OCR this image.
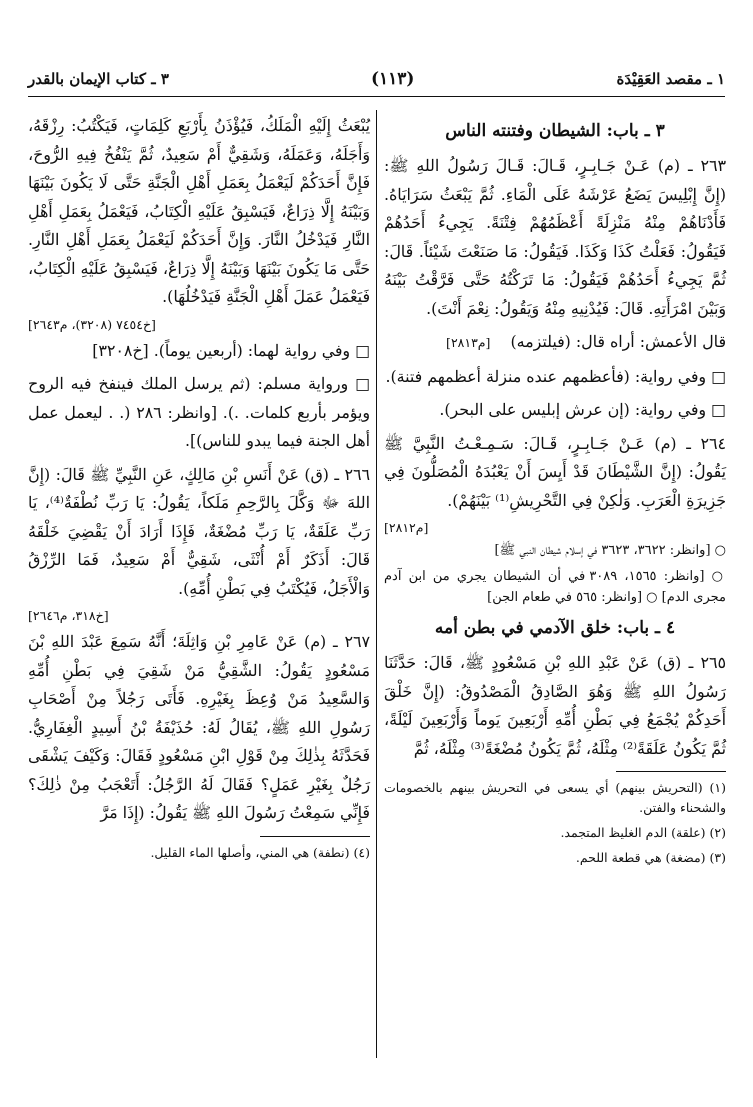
١ ـ مقصد العَقِيْدَة
(١١٣)
٣ ـ كتاب الإيمان بالقدر
٣ ـ باب: الشيطان وفتنته الناس

٢٦٣ ـ (م) عَـنْ جَـابِـرٍ، قَـالَ: قَـالَ رَسُولُ اللهِ ﷺ: (إِنَّ إِبْلِيسَ يَضَعُ عَرْشَهُ عَلَى الْمَاءِ. ثُمَّ يَبْعَثُ سَرَايَاهُ. فَأَدْنَاهُمْ مِنْهُ مَنْزِلَةً أَعْظَمُهُمْ فِتْنَةً. يَجِيءُ أَحَدُهُمْ فَيَقُولُ: فَعَلْتُ كَذَا وَكَذَا. فَيَقُولُ: مَا صَنَعْتَ شَيْئاً. قَالَ: ثُمَّ يَجِيءُ أَحَدُهُمْ فَيَقُولُ: مَا تَرَكْتُهُ حَتَّى فَرَّقْتُ بَيْنَهُ وَبَيْنَ امْرَأَتِهِ. قَالَ: فَيُدْنِيهِ مِنْهُ وَيَقُولُ: نِعْمَ أَنْتَ).

قال الأعمش: أراه قال: (فيلتزمه)    [م٢٨١٣]

□ وفي رواية: (فأعظمهم عنده منزلة أعظمهم فتنة).

□ وفي رواية: (إن عرش إبليس على البحر).

٢٦٤ ـ (م) عَـنْ جَـابِـرٍ، قَـالَ: سَـمِـعْـتُ النَّبِيَّ ﷺ يَقُولُ: (إِنَّ الشَّيْطَانَ قَدْ أَيِسَ أَنْ يَعْبُدَهُ الْمُصَلُّونَ فِي جَزِيرَةِ الْعَرَبِ. وَلٰكِنْ فِي التَّحْرِيشِ⁽¹⁾ بَيْنَهُمْ).

[م٢٨١٢]

○ [وانظر: ٣٦٢٢، ٣٦٢٣ في إسلام شيطان النبي ﷺ]

○ [وانظر: ١٥٦٥، ٣٠٨٩ في أن الشيطان يجري من ابن آدم مجرى الدم] ○ [وانظر: ٥٦٥ في طعام الجن]

٤ ـ باب: خلق الآدمي في بطن أمه

٢٦٥ ـ (ق) عَنْ عَبْدِ اللهِ بْنِ مَسْعُودٍ ﷺ، قَالَ: حَدَّثَنَا رَسُولُ اللهِ ﷺ وَهُوَ الصَّادِقُ الْمَصْدُوقُ: (إِنَّ خَلْقَ أَحَدِكُمْ يُجْمَعُ فِي بَطْنِ أُمِّهِ أَرْبَعِينَ يَوماً وَأَرْبَعِينَ لَيْلَةً، ثُمَّ يَكُونُ عَلَقَةً⁽²⁾ مِثْلَهُ، ثُمَّ يَكُونُ مُضْغَةً⁽³⁾ مِثْلَهُ، ثُمَّ

(١) (التحريش بينهم) أي يسعى في التحريش بينهم بالخصومات والشحناء والفتن.

(٢) (علقة) الدم الغليظ المتجمد.

(٣) (مضغة) هي قطعة اللحم.

يُبْعَثُ إِلَيْهِ الْمَلَكُ، فَيُؤْذَنُ بِأَرْبَعِ كَلِمَاتٍ، فَيَكْتُبُ: رِزْقَهُ، وَأَجَلَهُ، وَعَمَلَهُ، وَشَقِيٌّ أَمْ سَعِيدٌ، ثُمَّ يَنْفُخُ فِيهِ الرُّوحَ، فَإِنَّ أَحَدَكُمْ لَيَعْمَلُ بِعَمَلِ أَهْلِ الْجَنَّةِ حَتَّى لَا يَكُونَ بَيْنَهَا وَبَيْنَهُ إِلَّا ذِرَاعٌ، فَيَسْبِقُ عَلَيْهِ الْكِتَابُ، فَيَعْمَلُ بِعَمَلِ أَهْلِ النَّارِ فَيَدْخُلُ النَّارَ. وَإِنَّ أَحَدَكُمْ لَيَعْمَلُ بِعَمَلِ أَهْلِ النَّارِ. حَتَّى مَا يَكُونَ بَيْنَهَا وَبَيْنَهُ إِلَّا ذِرَاعٌ، فَيَسْبِقُ عَلَيْهِ الْكِتَابُ، فَيَعْمَلُ عَمَلَ أَهْلِ الْجَنَّةِ فَيَدْخُلُهَا).

[خ٧٤٥٤ (٣٢٠٨)، م٢٦٤٣]

□ وفي رواية لهما: (أربعين يوماً). [خ٣٢٠٨]

□ ورواية مسلم: (ثم يرسل الملك فينفخ فيه الروح ويؤمر بأربع كلمات. .). [وانظر: ٢٨٦ (. . ليعمل عمل أهل الجنة فيما يبدو للناس)].

٢٦٦ ـ (ق) عَنْ أَنَسِ بْنِ مَالِكٍ، عَنِ النَّبِيِّ ﷺ قَالَ: (إِنَّ اللهَ ﷻ وَكَّلَ بِالرَّحِمِ مَلَكاً، يَقُولُ: يَا رَبِّ نُطْفَةٌ⁽⁴⁾، يَا رَبِّ عَلَقَةٌ، يَا رَبِّ مُضْغَةٌ، فَإِذَا أَرَادَ أَنْ يَقْضِيَ خَلْقَهُ قَالَ: أَذَكَرٌ أَمْ أُنْثَى، شَقِيٌّ أَمْ سَعِيدٌ، فَمَا الرِّزْقُ وَالْأَجَلُ، فَيُكْتَبُ فِي بَطْنِ أُمِّهِ).

[خ٣١٨، م٢٦٤٦]

٢٦٧ ـ (م) عَنْ عَامِرِ بْنِ وَاثِلَةَ؛ أَنَّهُ سَمِعَ عَبْدَ اللهِ بْنَ مَسْعُودٍ يَقُولُ: الشَّقِيُّ مَنْ شَقِيَ فِي بَطْنِ أُمِّهِ وَالسَّعِيدُ مَنْ وُعِظَ بِغَيْرِهِ. فَأَتَى رَجُلاً مِنْ أَصْحَابِ رَسُولِ اللهِ ﷺ، يُقَالُ لَهُ: حُذَيْفَةُ بْنُ أَسِيدٍ الْغِفَارِيُّ. فَحَدَّثَهُ بِذٰلِكَ مِنْ قَوْلِ ابْنِ مَسْعُودٍ فَقَالَ: وَكَيْفَ يَشْقَى رَجُلٌ بِغَيْرِ عَمَلٍ؟ فَقَالَ لَهُ الرَّجُلُ: أَتَعْجَبُ مِنْ ذٰلِكَ؟ فَإِنِّي سَمِعْتُ رَسُولَ اللهِ ﷺ يَقُولُ: (إِذَا مَرَّ

(٤) (نطفة) هي المني، وأصلها الماء القليل.
